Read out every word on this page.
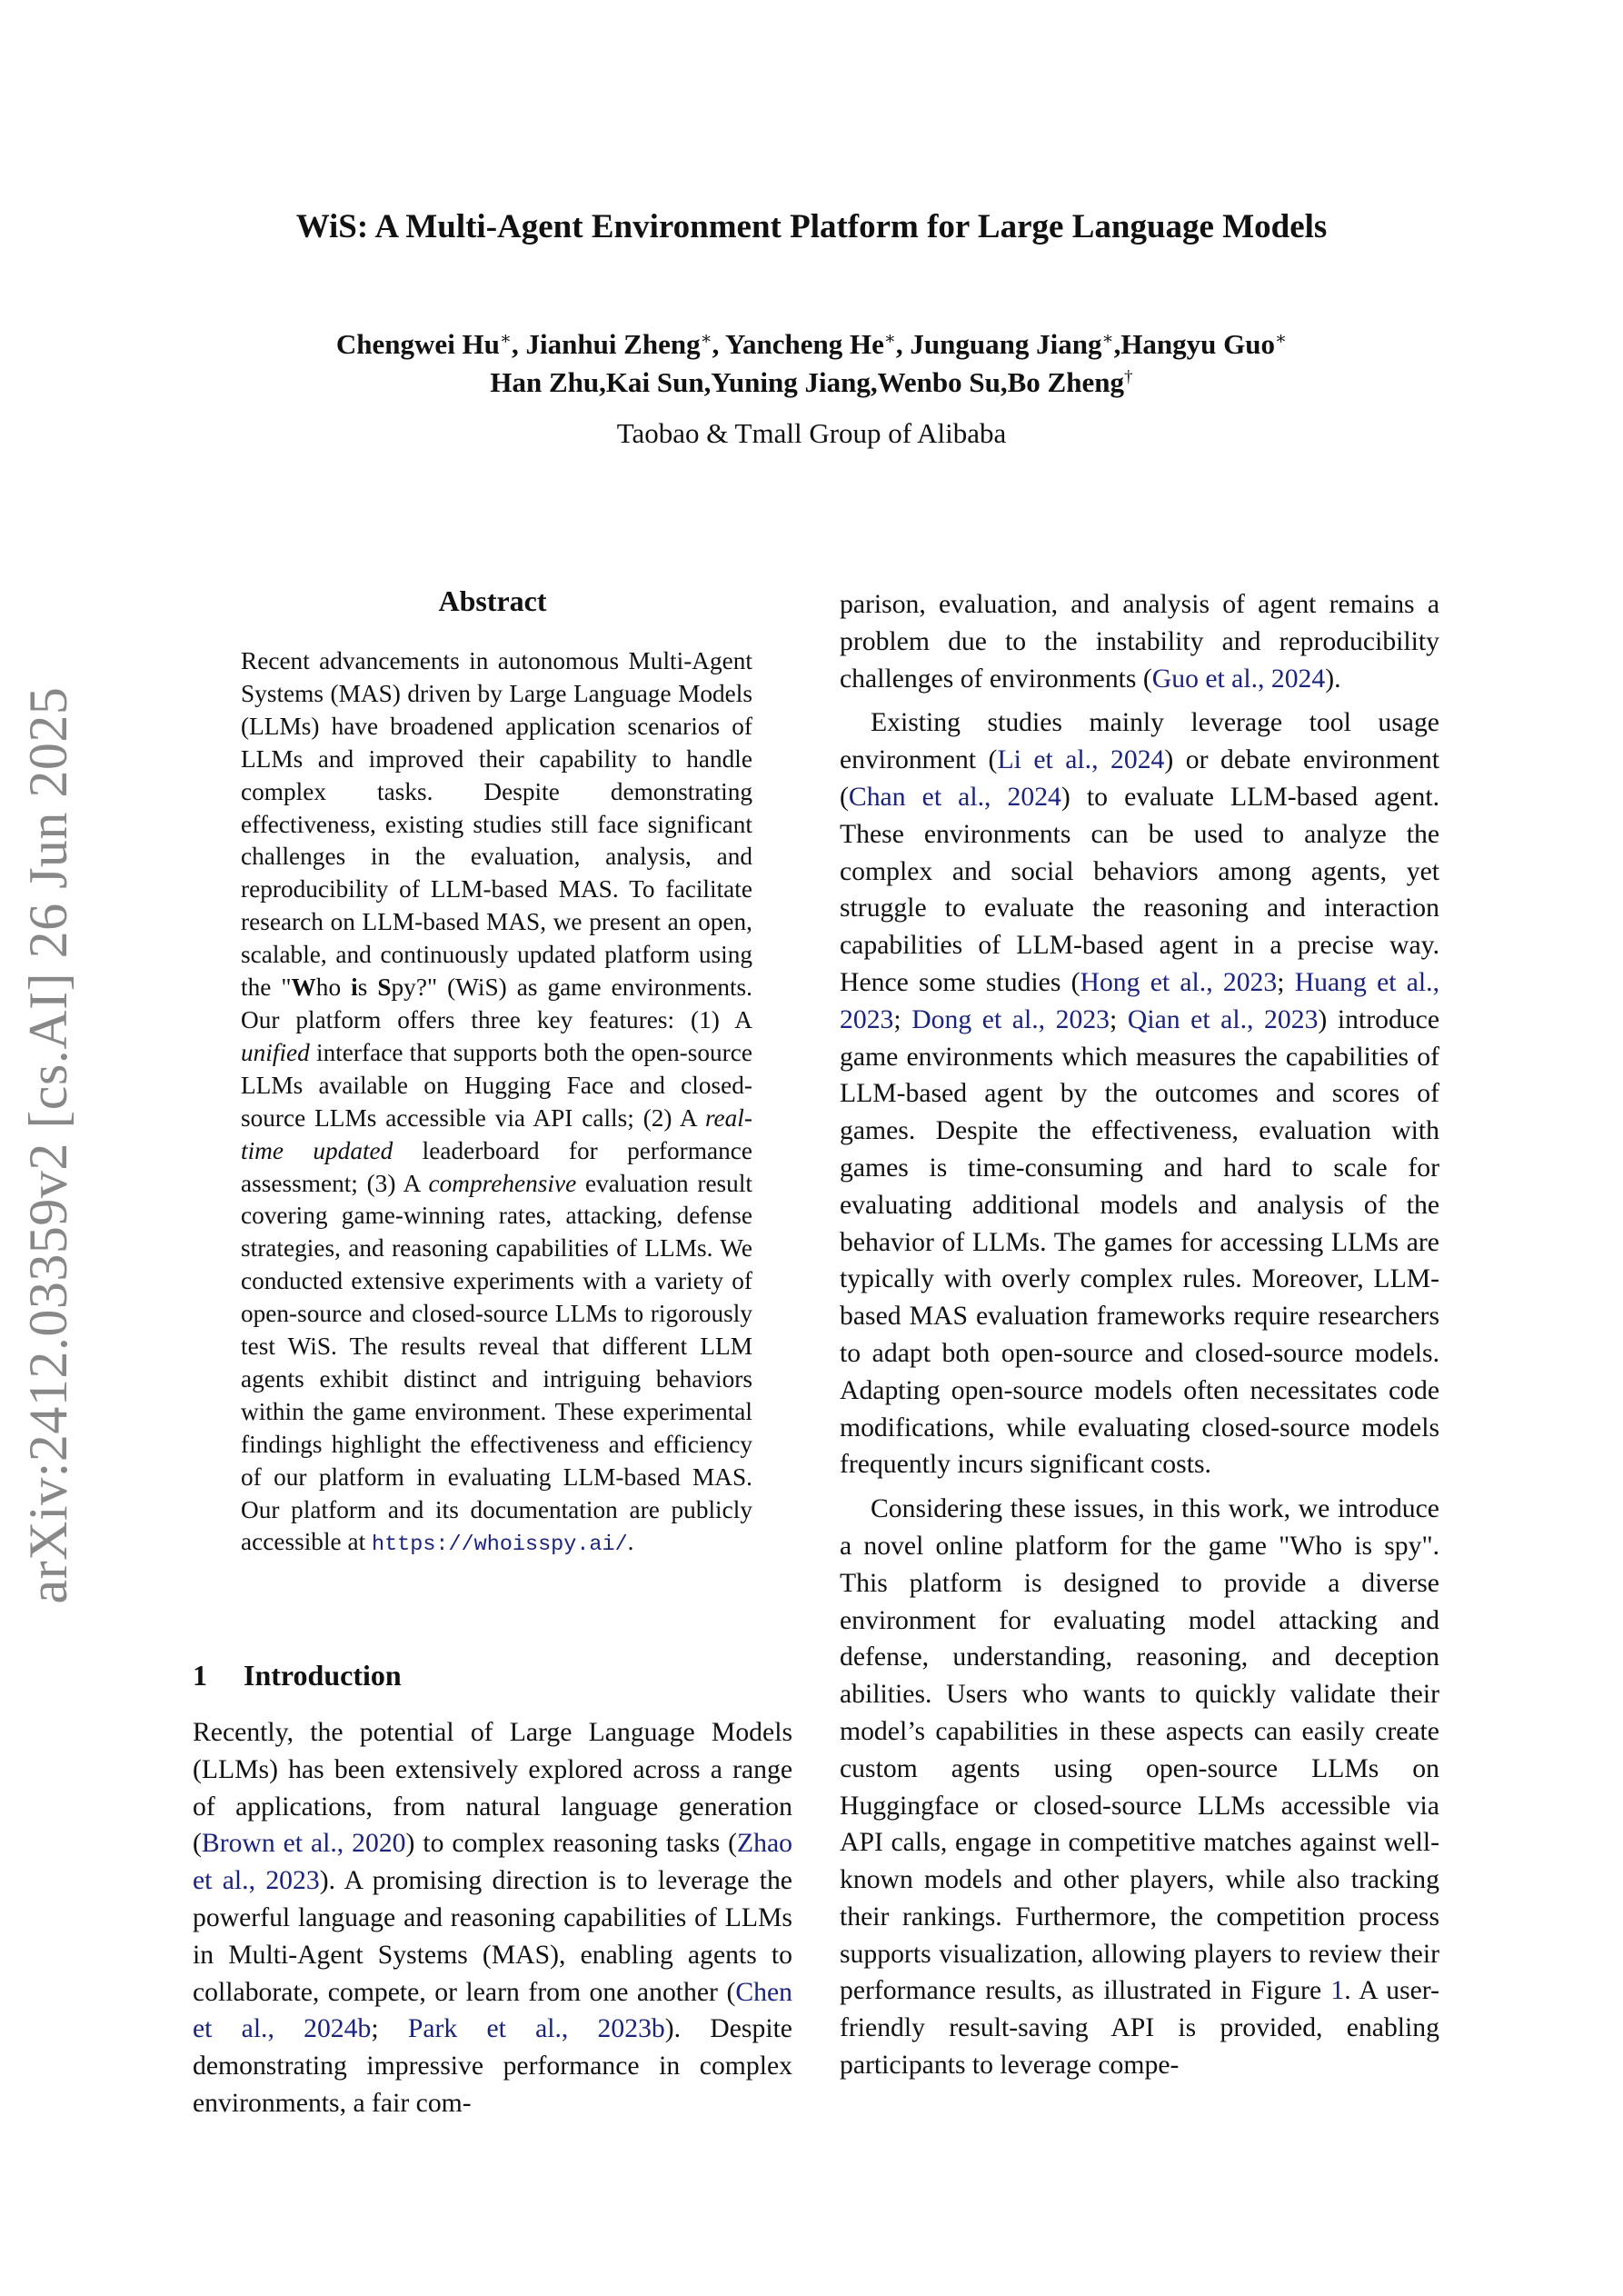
arXiv:2412.03359v2 [cs.AI] 26 Jun 2025
WiS: A Multi-Agent Environment Platform for Large Language Models
Chengwei Hu∗, Jianhui Zheng∗, Yancheng He∗, Junguang Jiang∗,Hangyu Guo∗
Han Zhu,Kai Sun,Yuning Jiang,Wenbo Su,Bo Zheng†
Taobao & Tmall Group of Alibaba
Abstract

Recent advancements in autonomous Multi-Agent Systems (MAS) driven by Large Language Models (LLMs) have broadened application scenarios of LLMs and improved their capability to handle complex tasks. Despite demonstrating effectiveness, existing studies still face significant challenges in the evaluation, analysis, and reproducibility of LLM-based MAS. To facilitate research on LLM-based MAS, we present an open, scalable, and continuously updated platform using the "Who is Spy?" (WiS) as game environments. Our platform offers three key features: (1) A unified interface that supports both the open-source LLMs available on Hugging Face and closed-source LLMs accessible via API calls; (2) A real-time updated leaderboard for performance assessment; (3) A comprehensive evaluation result covering game-winning rates, attacking, defense strategies, and reasoning capabilities of LLMs. We conducted extensive experiments with a variety of open-source and closed-source LLMs to rigorously test WiS. The results reveal that different LLM agents exhibit distinct and intriguing behaviors within the game environment. These experimental findings highlight the effectiveness and efficiency of our platform in evaluating LLM-based MAS. Our platform and its documentation are publicly accessible at https://whoisspy.ai/.

1 Introduction

Recently, the potential of Large Language Models (LLMs) has been extensively explored across a range of applications, from natural language generation (Brown et al., 2020) to complex reasoning tasks (Zhao et al., 2023). A promising direction is to leverage the powerful language and reasoning capabilities of LLMs in Multi-Agent Systems (MAS), enabling agents to collaborate, compete, or learn from one another (Chen et al., 2024b; Park et al., 2023b). Despite demonstrating impressive performance in complex environments, a fair com-

parison, evaluation, and analysis of agent remains a problem due to the instability and reproducibility challenges of environments (Guo et al., 2024).

Existing studies mainly leverage tool usage environment (Li et al., 2024) or debate environment (Chan et al., 2024) to evaluate LLM-based agent. These environments can be used to analyze the complex and social behaviors among agents, yet struggle to evaluate the reasoning and interaction capabilities of LLM-based agent in a precise way. Hence some studies (Hong et al., 2023; Huang et al., 2023; Dong et al., 2023; Qian et al., 2023) introduce game environments which measures the capabilities of LLM-based agent by the outcomes and scores of games. Despite the effectiveness, evaluation with games is time-consuming and hard to scale for evaluating additional models and analysis of the behavior of LLMs. The games for accessing LLMs are typically with overly complex rules. Moreover, LLM-based MAS evaluation frameworks require researchers to adapt both open-source and closed-source models. Adapting open-source models often necessitates code modifications, while evaluating closed-source models frequently incurs significant costs.

Considering these issues, in this work, we introduce a novel online platform for the game "Who is spy". This platform is designed to provide a diverse environment for evaluating model attacking and defense, understanding, reasoning, and deception abilities. Users who wants to quickly validate their model’s capabilities in these aspects can easily create custom agents using open-source LLMs on Huggingface or closed-source LLMs accessible via API calls, engage in competitive matches against well-known models and other players, while also tracking their rankings. Furthermore, the competition process supports visualization, allowing players to review their performance results, as illustrated in Figure 1. A user-friendly result-saving API is provided, enabling participants to leverage compe-
